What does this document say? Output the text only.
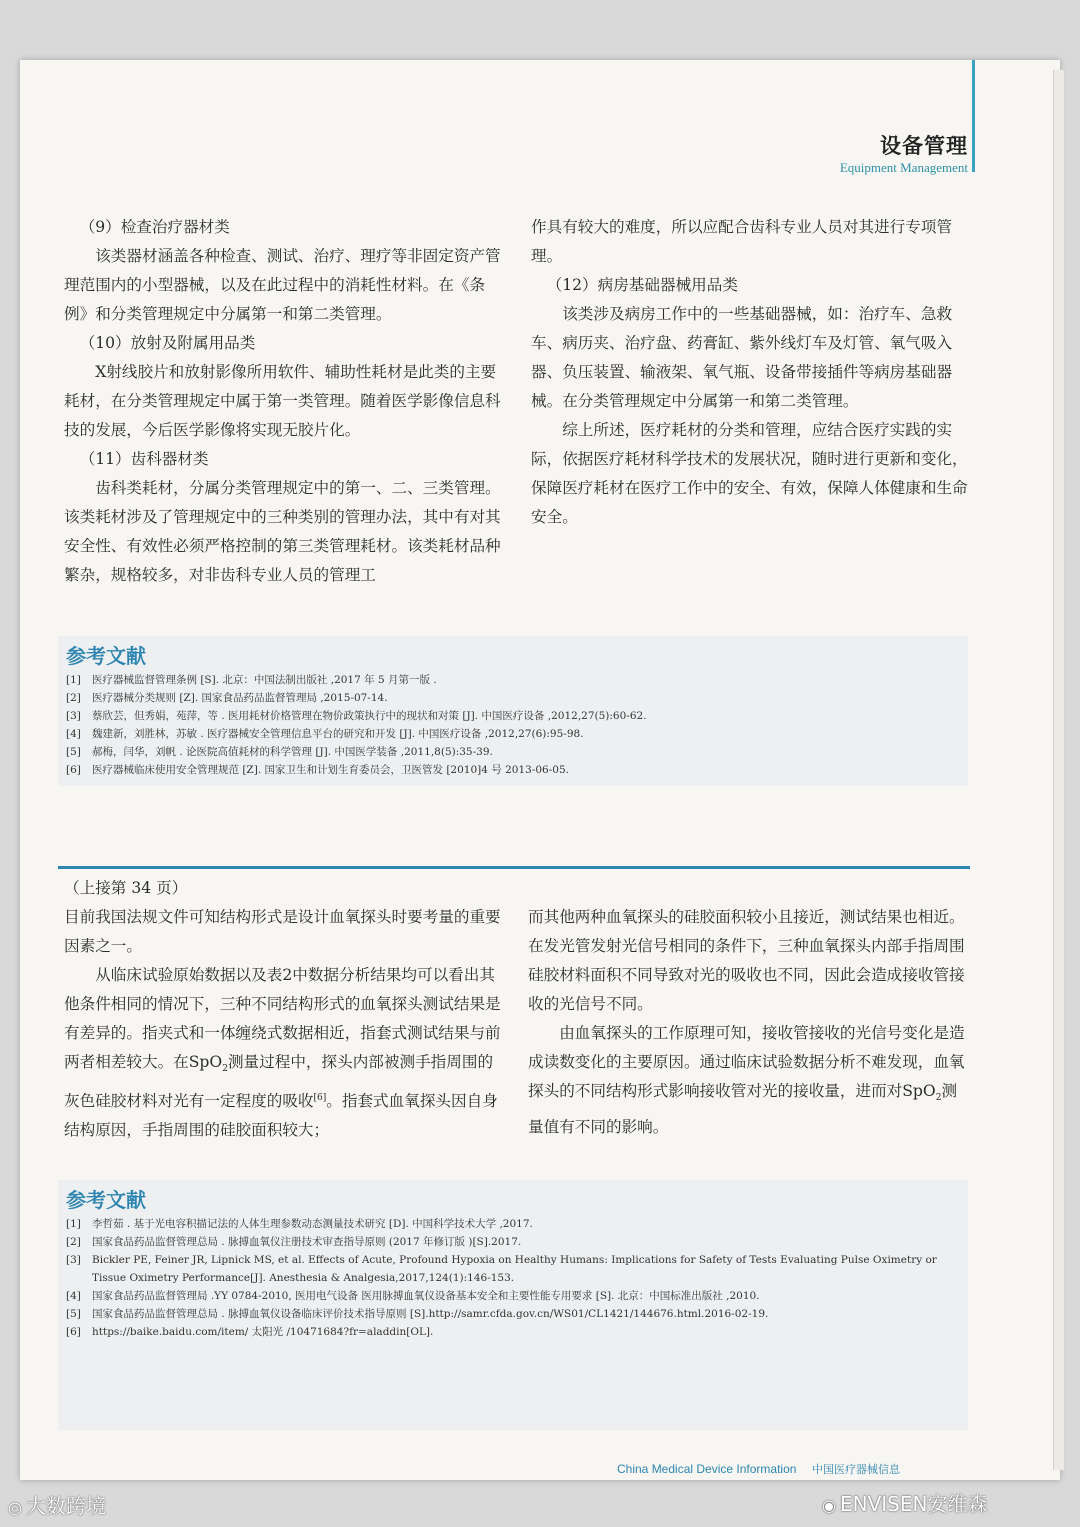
设备管理
Equipment Management

（9）检查治疗器材类

该类器材涵盖各种检查、测试、治疗、理疗等非固定资产管理范围内的小型器械，以及在此过程中的消耗性材料。在《条例》和分类管理规定中分属第一和第二类管理。

（10）放射及附属用品类

X射线胶片和放射影像所用软件、辅助性耗材是此类的主要耗材，在分类管理规定中属于第一类管理。随着医学影像信息科技的发展，今后医学影像将实现无胶片化。

（11）齿科器材类

齿科类耗材，分属分类管理规定中的第一、二、三类管理。该类耗材涉及了管理规定中的三种类别的管理办法，其中有对其安全性、有效性必须严格控制的第三类管理耗材。该类耗材品种繁杂，规格较多，对非齿科专业人员的管理工

作具有较大的难度，所以应配合齿科专业人员对其进行专项管理。

（12）病房基础器械用品类

该类涉及病房工作中的一些基础器械，如：治疗车、急救车、病历夹、治疗盘、药膏缸、紫外线灯车及灯管、氧气吸入器、负压装置、输液架、氧气瓶、设备带接插件等病房基础器械。在分类管理规定中分属第一和第二类管理。

综上所述，医疗耗材的分类和管理，应结合医疗实践的实际，依据医疗耗材科学技术的发展状况，随时进行更新和变化，保障医疗耗材在医疗工作中的安全、有效，保障人体健康和生命安全。

参考文献
[1]	医疗器械监督管理条例 [S]. 北京：中国法制出版社 ,2017 年 5 月第一版 .
[2]	医疗器械分类规则 [Z]. 国家食品药品监督管理局 ,2015-07-14.
[3]	蔡欣芸，但秀娟，苑萍，等 . 医用耗材价格管理在物价政策执行中的现状和对策 [J]. 中国医疗设备 ,2012,27(5):60-62.
[4]	魏建新，刘胜林，苏敏 . 医疗器械安全管理信息平台的研究和开发 [J]. 中国医疗设备 ,2012,27(6):95-98.
[5]	郝梅，闫华，刘帆 . 论医院高值耗材的科学管理 [J]. 中国医学装备 ,2011,8(5):35-39.
[6]	医疗器械临床使用安全管理规范 [Z]. 国家卫生和计划生育委员会，卫医管发 [2010]4 号 2013-06-05.

（上接第 34 页）

目前我国法规文件可知结构形式是设计血氧探头时要考量的重要因素之一。

从临床试验原始数据以及表2中数据分析结果均可以看出其他条件相同的情况下，三种不同结构形式的血氧探头测试结果是有差异的。指夹式和一体缠绕式数据相近，指套式测试结果与前两者相差较大。在SpO$_2$测量过程中，探头内部被测手指周围的灰色硅胶材料对光有一定程度的吸收[6]。指套式血氧探头因自身结构原因，手指周围的硅胶面积较大；

而其他两种血氧探头的硅胶面积较小且接近，测试结果也相近。在发光管发射光信号相同的条件下，三种血氧探头内部手指周围硅胶材料面积不同导致对光的吸收也不同，因此会造成接收管接收的光信号不同。

由血氧探头的工作原理可知，接收管接收的光信号变化是造成读数变化的主要原因。通过临床试验数据分析不难发现，血氧探头的不同结构形式影响接收管对光的接收量，进而对SpO$_2$测量值有不同的影响。

参考文献
[1]	李哲茹 . 基于光电容积描记法的人体生理参数动态测量技术研究 [D]. 中国科学技术大学 ,2017.
[2]	国家食品药品监督管理总局 . 脉搏血氧仪注册技术审查指导原则 (2017 年修订版 )[S].2017.
[3]	Bickler PE, Feiner JR, Lipnick MS, et al. Effects of Acute, Profound Hypoxia on Healthy Humans: Implications for Safety of Tests Evaluating Pulse Oximetry or Tissue Oximetry Performance[J]. Anesthesia & Analgesia,2017,124(1):146-153.
[4]	国家食品药品监督管理局 .YY 0784-2010, 医用电气设备 医用脉搏血氧仪设备基本安全和主要性能专用要求 [S]. 北京：中国标准出版社 ,2010.
[5]	国家食品药品监督管理总局 . 脉搏血氧仪设备临床评价技术指导原则 [S].http://samr.cfda.gov.cn/WS01/CL1421/144676.html.2016-02-19.
[6]	https://baike.baidu.com/item/ 太阳光 /10471684?fr=aladdin[OL].
China Medical Device Information 中国医疗器械信息
◎ 大数跨境	◉ ENVISEN安维森
